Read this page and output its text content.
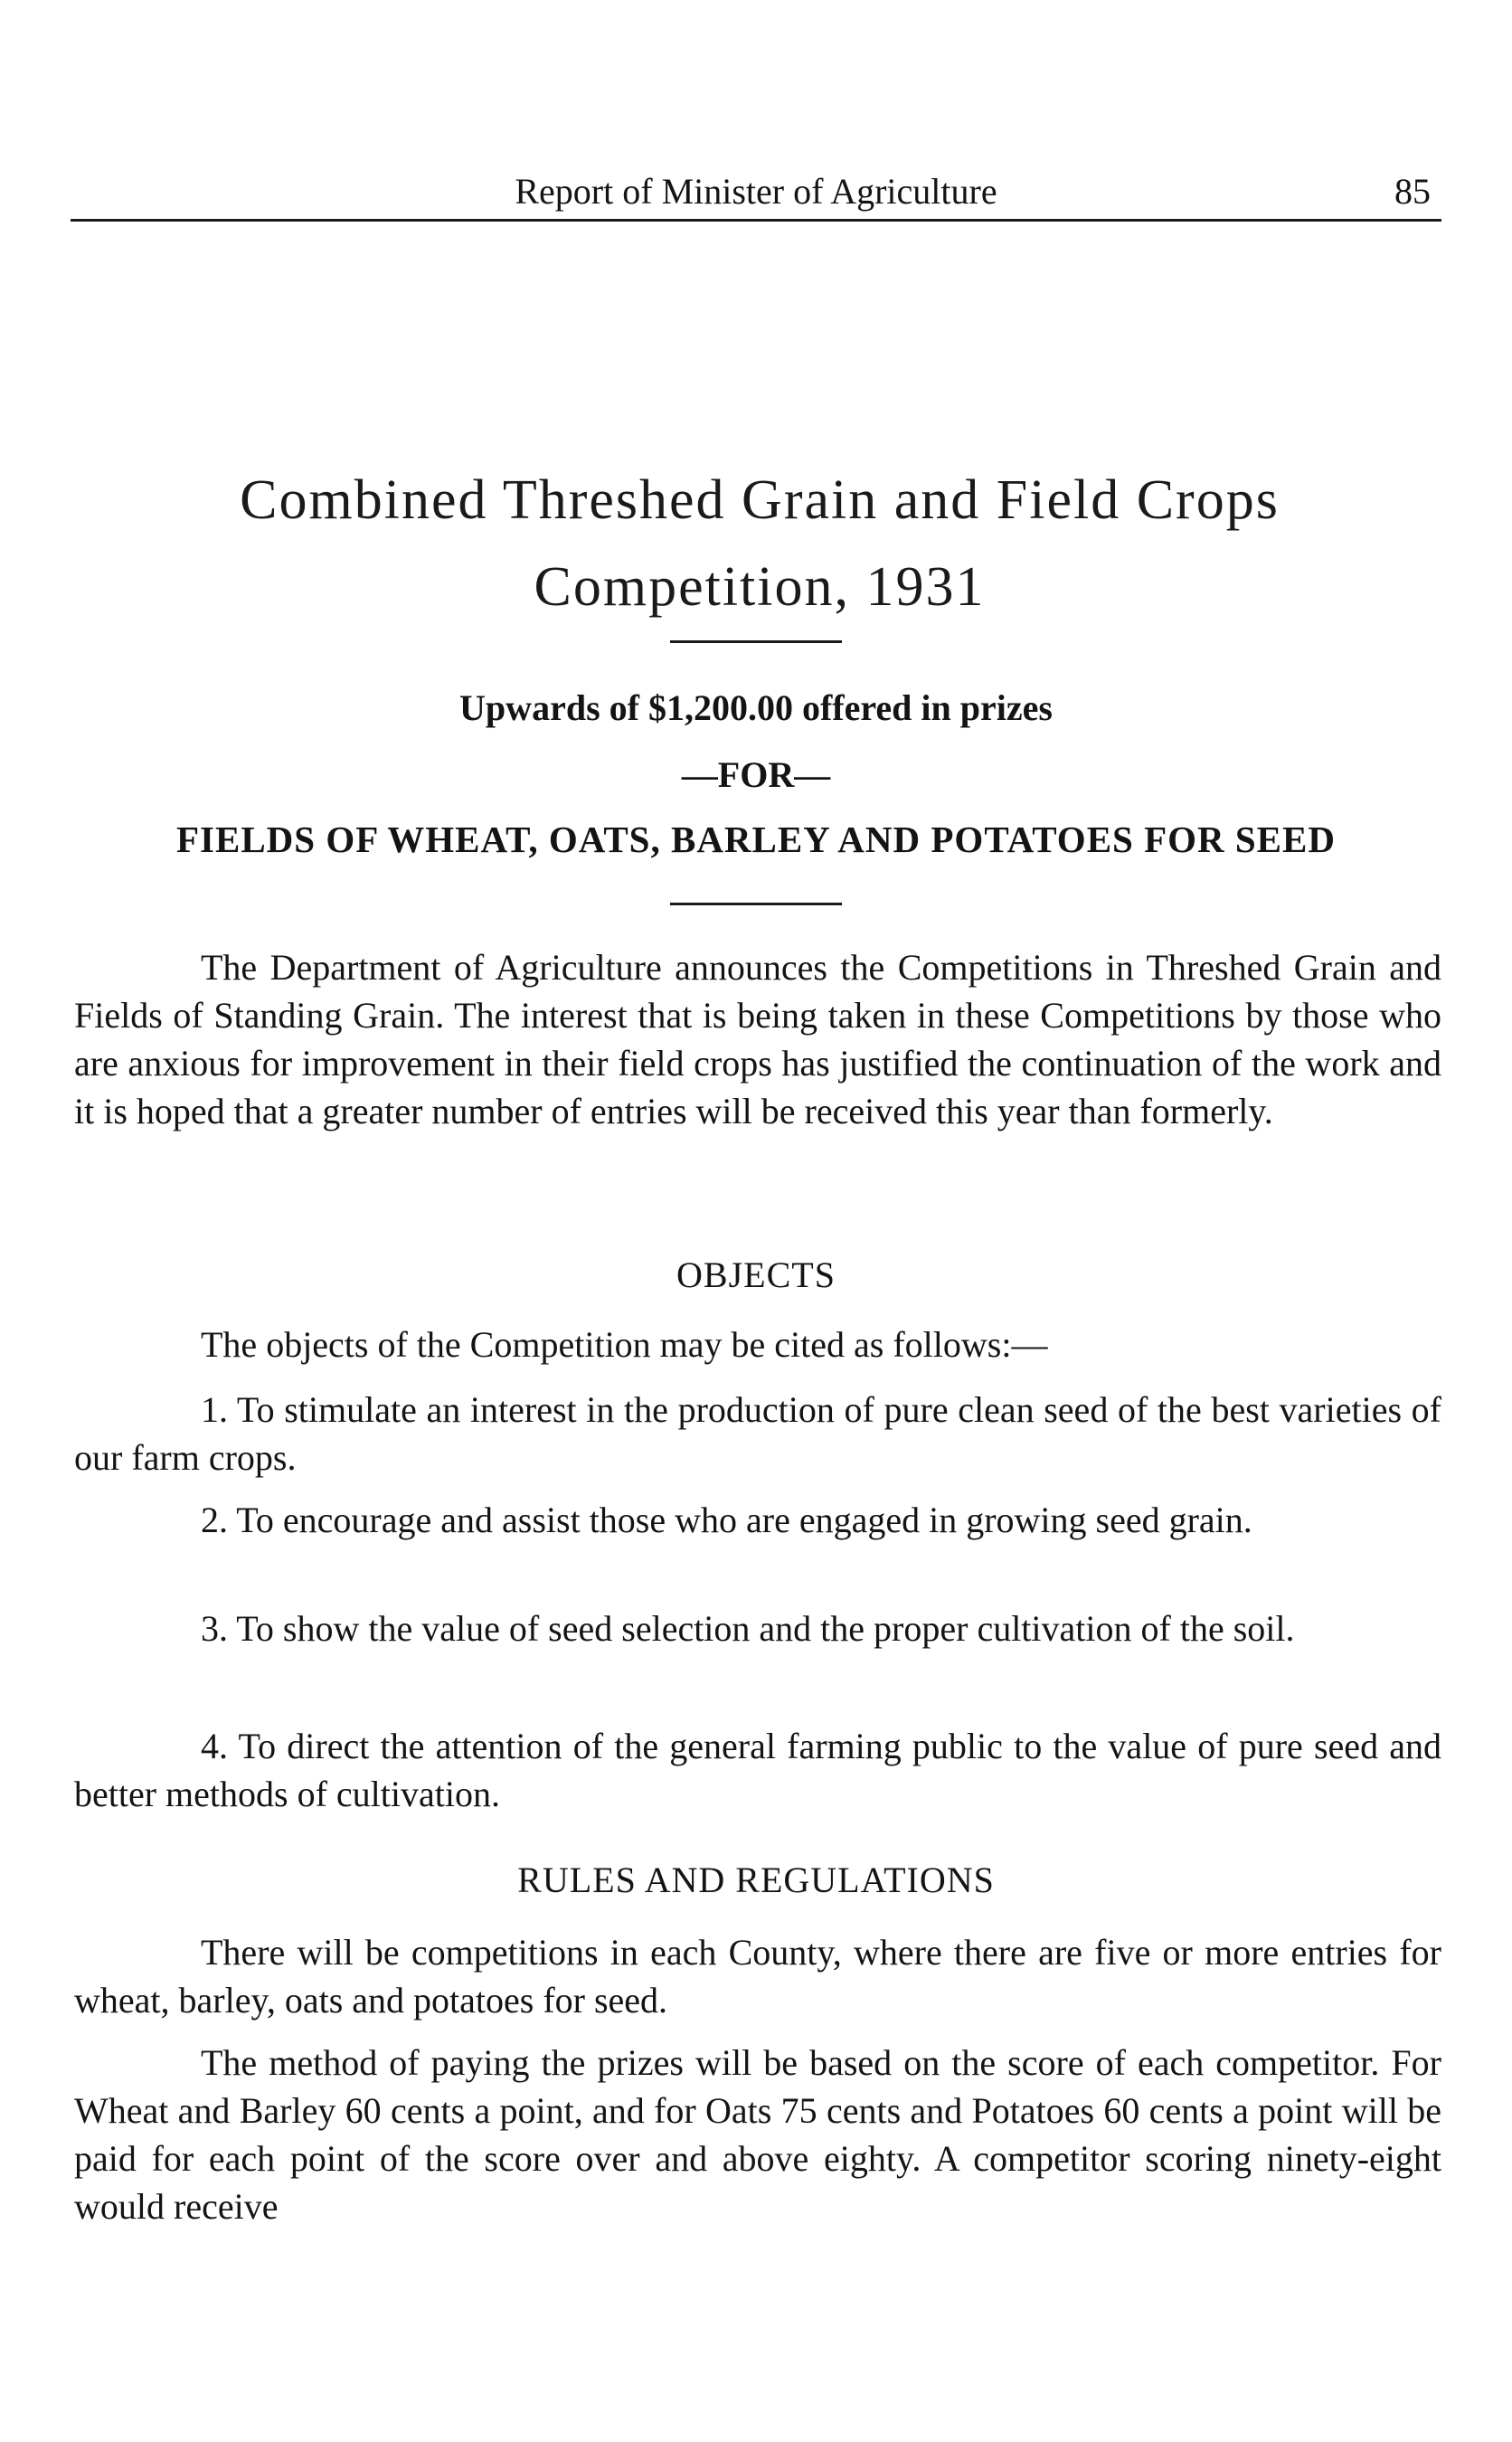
Report of Minister of Agriculture	85
Combined Threshed Grain and Field Crops
Competition, 1931
Upwards of $1,200.00 offered in prizes
—FOR—
FIELDS OF WHEAT, OATS, BARLEY AND POTATOES FOR SEED

The Department of Agriculture announces the Competitions in Threshed Grain and Fields of Standing Grain. The interest that is being taken in these Competitions by those who are anxious for improvement in their field crops has justified the continuation of the work and it is hoped that a greater number of entries will be received this year than formerly.

OBJECTS

The objects of the Competition may be cited as follows:—

1. To stimulate an interest in the production of pure clean seed of the best varieties of our farm crops.

2. To encourage and assist those who are engaged in growing seed grain.

3. To show the value of seed selection and the proper cultivation of the soil.

4. To direct the attention of the general farming public to the value of pure seed and better methods of cultivation.

RULES AND REGULATIONS

There will be competitions in each County, where there are five or more entries for wheat, barley, oats and potatoes for seed.

The method of paying the prizes will be based on the score of each competitor. For Wheat and Barley 60 cents a point, and for Oats 75 cents and Potatoes 60 cents a point will be paid for each point of the score over and above eighty. A competitor scoring ninety-eight would receive
